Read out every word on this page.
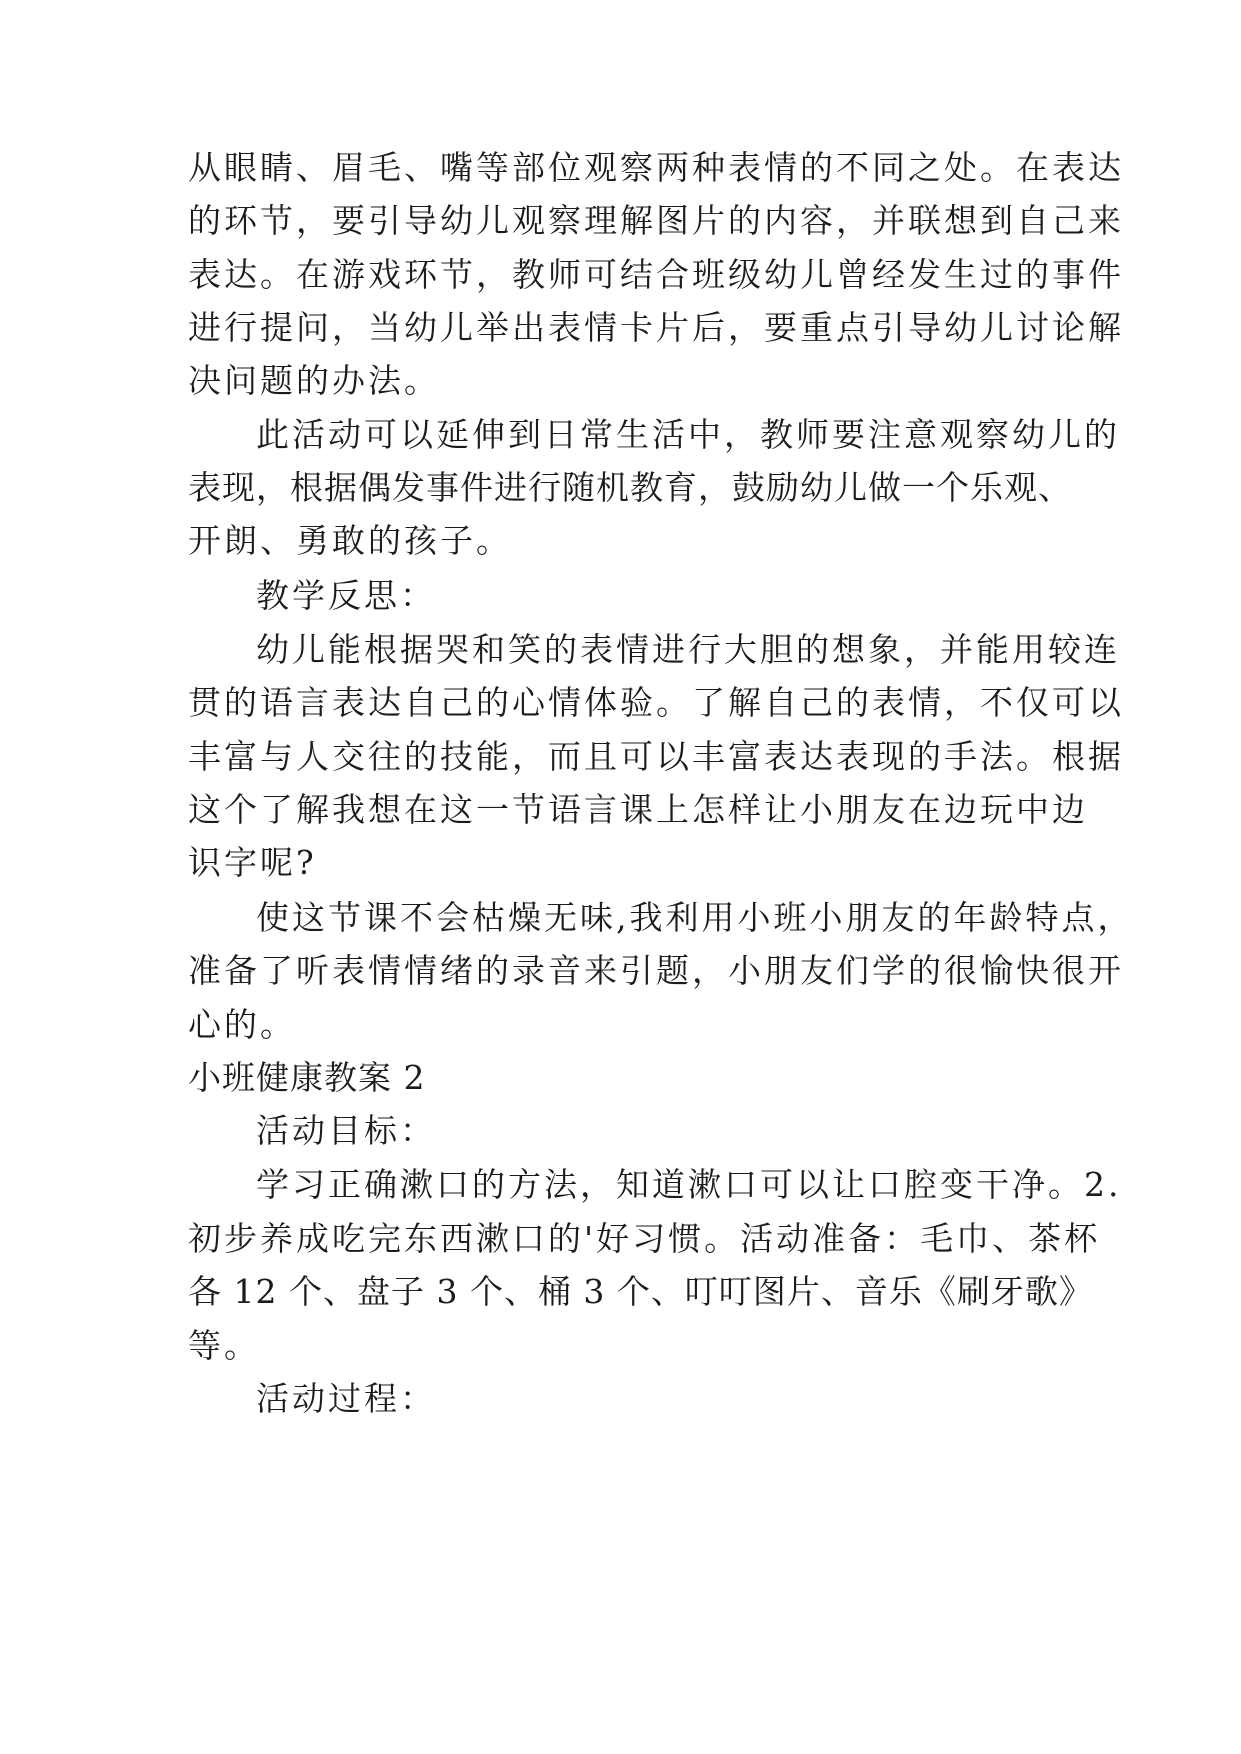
从眼睛、眉毛、嘴等部位观察两种表情的不同之处。在表达

的环节，要引导幼儿观察理解图片的内容，并联想到自己来

表达。在游戏环节，教师可结合班级幼儿曾经发生过的事件

进行提问，当幼儿举出表情卡片后，要重点引导幼儿讨论解

决问题的办法。

此活动可以延伸到日常生活中，教师要注意观察幼儿的

表现，根据偶发事件进行随机教育，鼓励幼儿做一个乐观、

开朗、勇敢的孩子。

教学反思：

幼儿能根据哭和笑的表情进行大胆的想象，并能用较连

贯的语言表达自己的心情体验。了解自己的表情，不仅可以

丰富与人交往的技能，而且可以丰富表达表现的手法。根据

这个了解我想在这一节语言课上怎样让小朋友在边玩中边

识字呢?

使这节课不会枯燥无味,我利用小班小朋友的年龄特点，

准备了听表情情绪的录音来引题，小朋友们学的很愉快很开

心的。

小班健康教案 2

活动目标：

学习正确漱口的方法，知道漱口可以让口腔变干净。2.

初步养成吃完东西漱口的'好习惯。活动准备：毛巾、茶杯

各 12 个、盘子 3 个、桶 3 个、叮叮图片、音乐《刷牙歌》

等。

活动过程：
